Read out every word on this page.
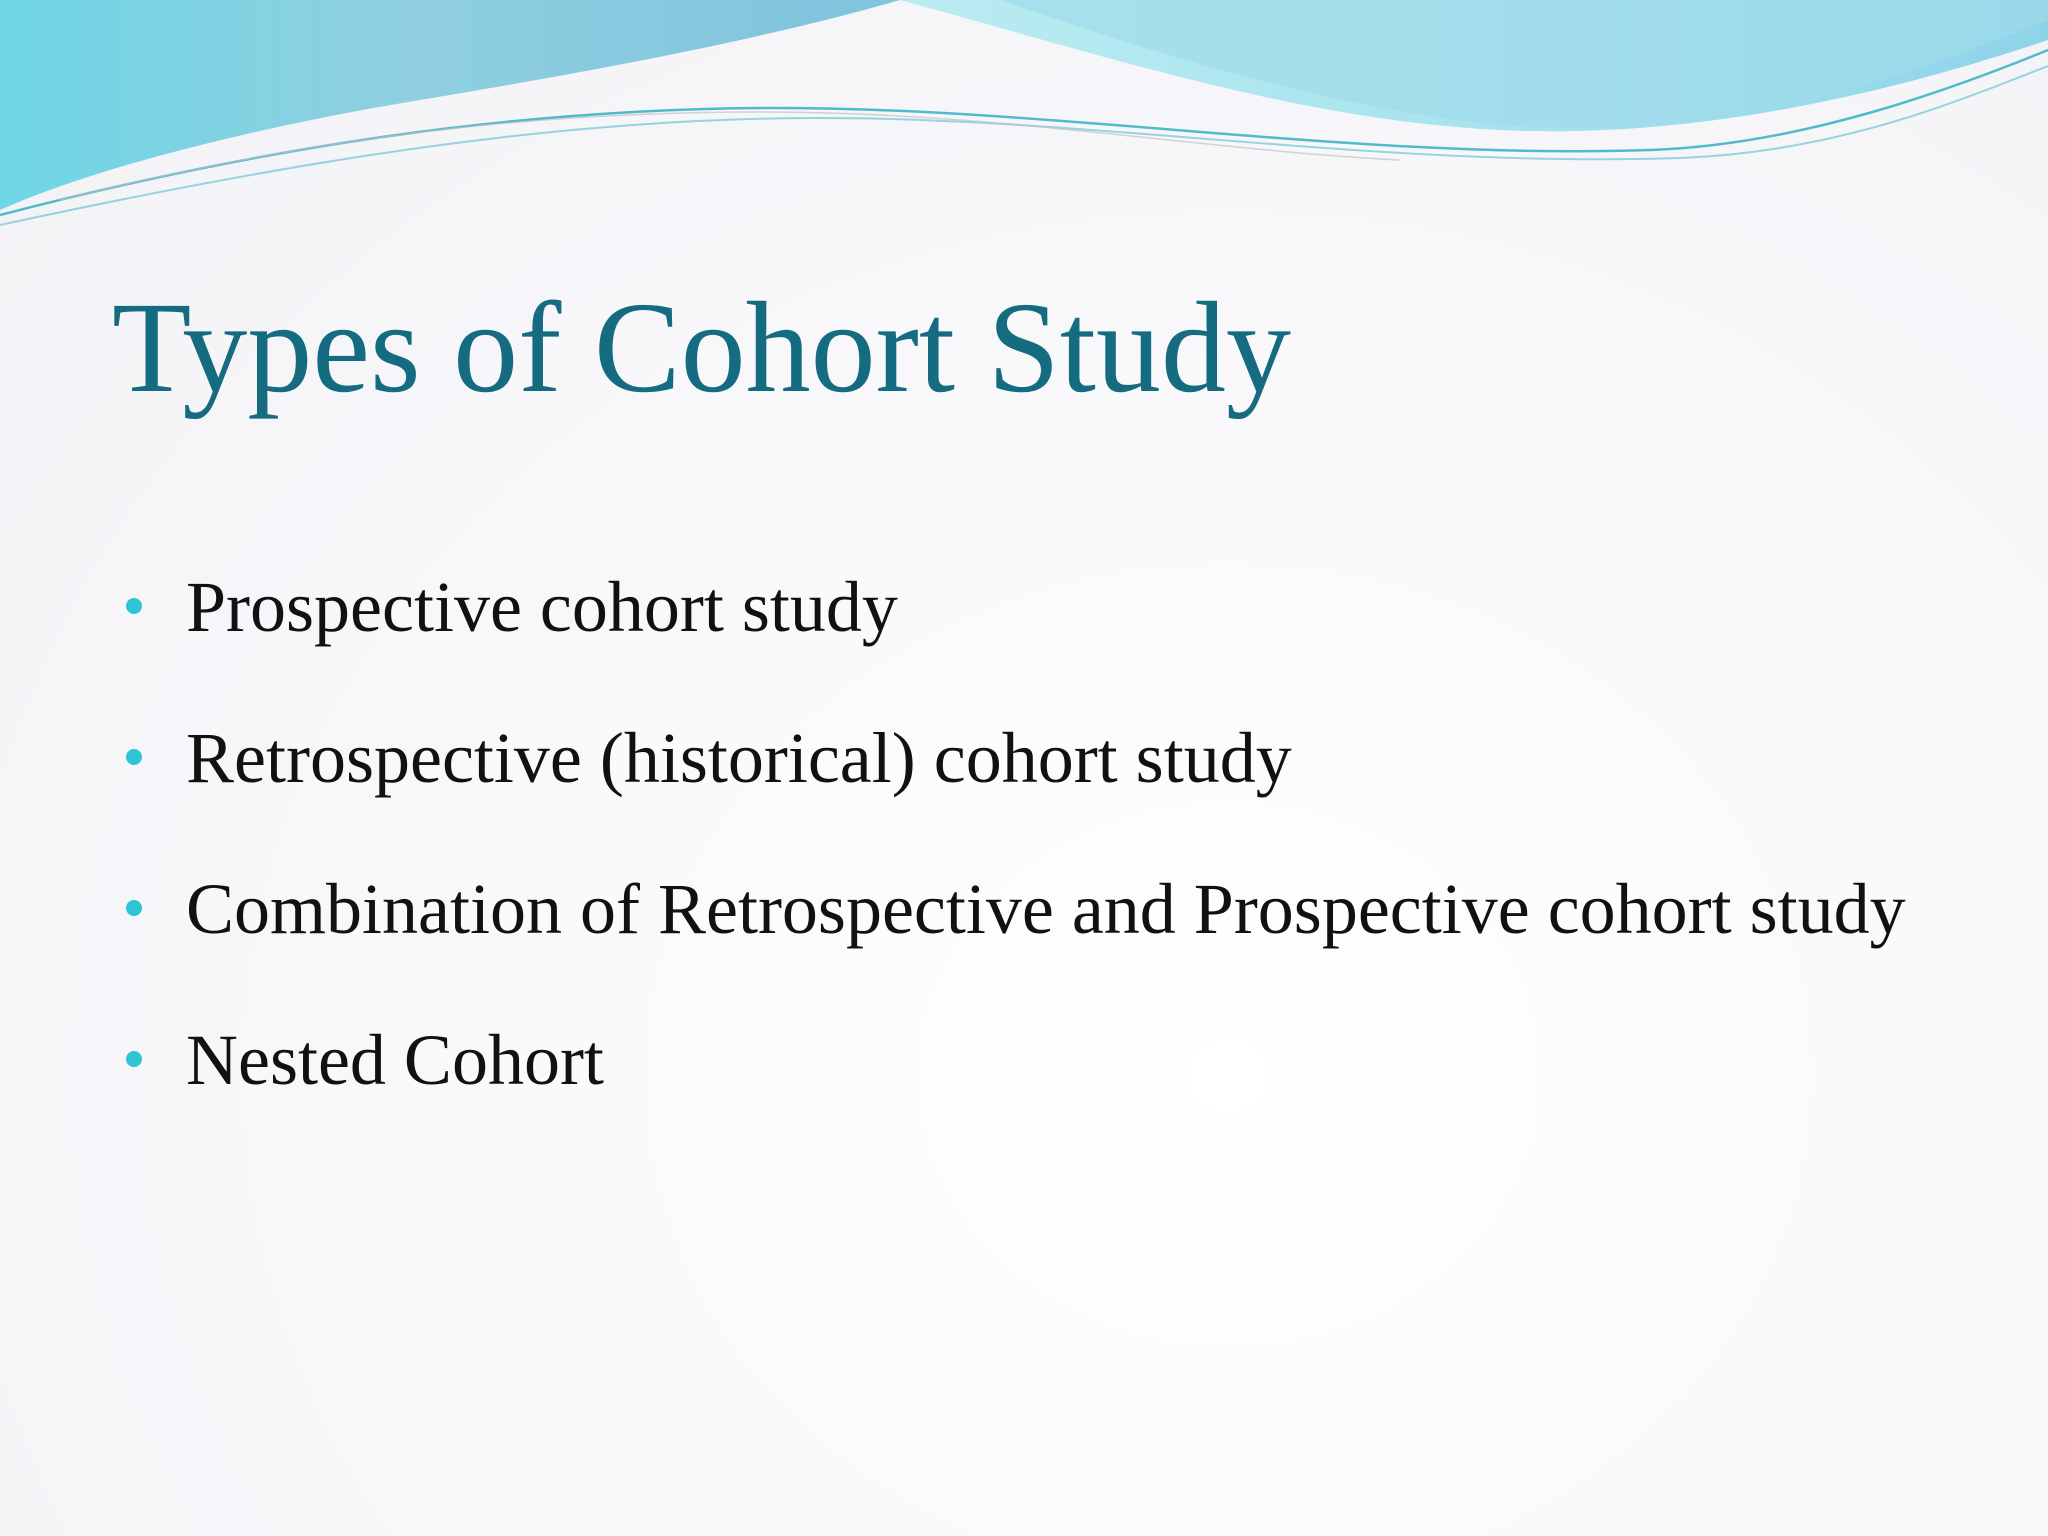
Types of Cohort Study
Prospective cohort study
Retrospective (historical) cohort study
Combination of Retrospective and Prospective cohort study
Nested Cohort
